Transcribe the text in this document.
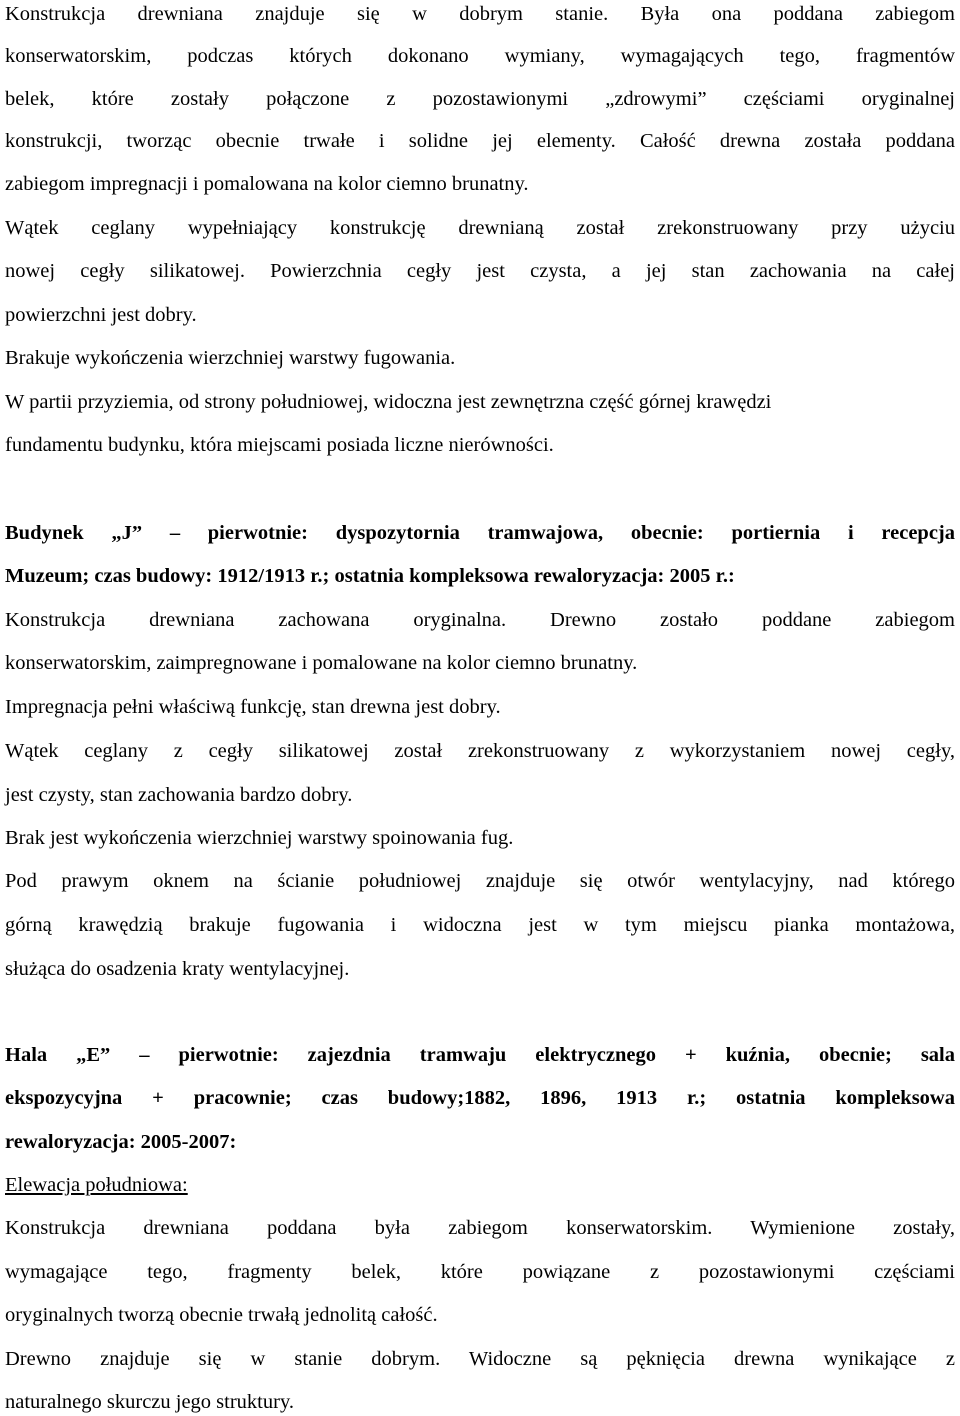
Konstrukcja drewniana znajduje się w dobrym stanie. Była ona poddana zabiegom
konserwatorskim, podczas których dokonano wymiany, wymagających tego, fragmentów
belek, które zostały połączone z pozostawionymi „zdrowymi” częściami oryginalnej
konstrukcji, tworząc obecnie trwałe i solidne jej elementy. Całość drewna została poddana
zabiegom impregnacji i pomalowana na kolor ciemno brunatny.
Wątek ceglany wypełniający konstrukcję drewnianą został zrekonstruowany przy użyciu
nowej cegły silikatowej. Powierzchnia cegły jest czysta, a jej stan zachowania na całej
powierzchni jest dobry.
Brakuje wykończenia wierzchniej warstwy fugowania.
W partii przyziemia, od strony południowej, widoczna jest zewnętrzna część górnej krawędzi
fundamentu budynku, która miejscami posiada liczne nierówności.
Budynek „J” – pierwotnie: dyspozytornia tramwajowa, obecnie: portiernia i recepcja
Muzeum; czas budowy: 1912/1913 r.; ostatnia kompleksowa rewaloryzacja: 2005 r.:
Konstrukcja drewniana zachowana oryginalna. Drewno zostało poddane zabiegom
konserwatorskim, zaimpregnowane i pomalowane na kolor ciemno brunatny.
Impregnacja pełni właściwą funkcję, stan drewna jest dobry.
Wątek ceglany z cegły silikatowej został zrekonstruowany z wykorzystaniem nowej cegły,
jest czysty, stan zachowania bardzo dobry.
Brak jest wykończenia wierzchniej warstwy spoinowania fug.
Pod prawym oknem na ścianie południowej znajduje się otwór wentylacyjny, nad którego
górną krawędzią brakuje fugowania i widoczna jest w tym miejscu pianka montażowa,
służąca do osadzenia kraty wentylacyjnej.
Hala „E” – pierwotnie: zajezdnia tramwaju elektrycznego + kuźnia, obecnie; sala
ekspozycyjna + pracownie; czas budowy;1882, 1896, 1913 r.; ostatnia kompleksowa
rewaloryzacja: 2005-2007:
Elewacja południowa:
Konstrukcja drewniana poddana była zabiegom konserwatorskim. Wymienione zostały,
wymagające tego, fragmenty belek, które powiązane z pozostawionymi częściami
oryginalnych tworzą obecnie trwałą jednolitą całość.
Drewno znajduje się w stanie dobrym. Widoczne są pęknięcia drewna wynikające z
naturalnego skurczu jego struktury.
